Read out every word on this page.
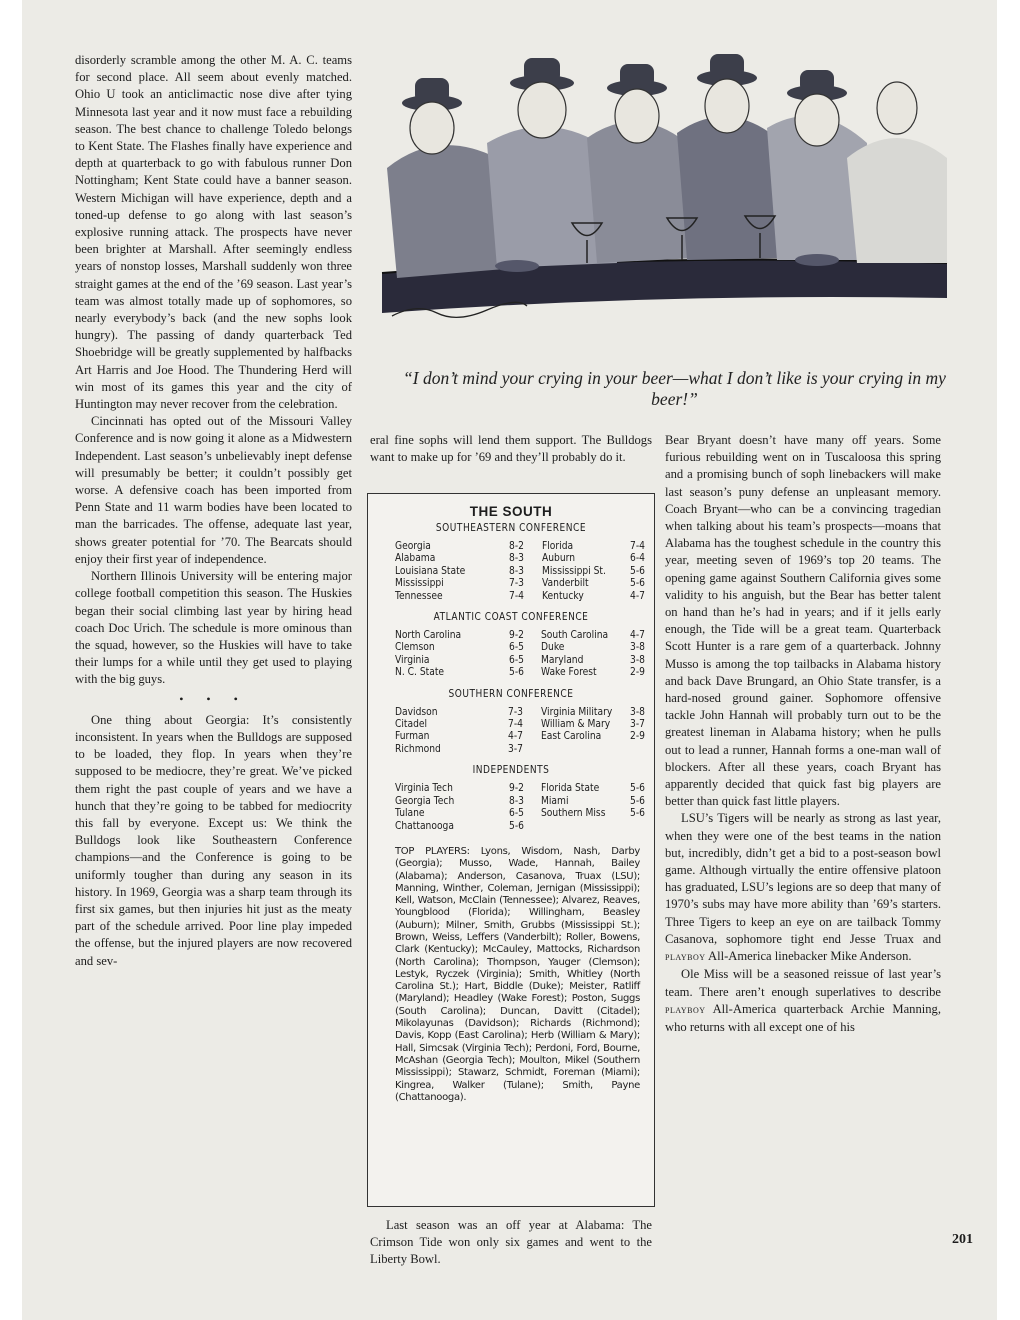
disorderly scramble among the other M. A. C. teams for second place. All seem about evenly matched. Ohio U took an anticlimactic nose dive after tying Minnesota last year and it now must face a rebuilding season. The best chance to challenge Toledo belongs to Kent State. The Flashes finally have experience and depth at quarterback to go with fabulous runner Don Nottingham; Kent State could have a banner season. Western Michigan will have experience, depth and a toned-up defense to go along with last season’s explosive running attack. The prospects have never been brighter at Marshall. After seemingly endless years of nonstop losses, Marshall suddenly won three straight games at the end of the ’69 season. Last year’s team was almost totally made up of sophomores, so nearly everybody’s back (and the new sophs look hungry). The passing of dandy quarterback Ted Shoebridge will be greatly supplemented by halfbacks Art Harris and Joe Hood. The Thundering Herd will win most of its games this year and the city of Huntington may never recover from the celebration.

Cincinnati has opted out of the Missouri Valley Conference and is now going it alone as a Midwestern Independent. Last season’s unbelievably inept defense will presumably be better; it couldn’t possibly get worse. A defensive coach has been imported from Penn State and 11 warm bodies have been located to man the barricades. The offense, adequate last year, shows greater potential for ’70. The Bearcats should enjoy their first year of independence.

Northern Illinois University will be entering major college football competition this season. The Huskies began their social climbing last year by hiring head coach Doc Urich. The schedule is more ominous than the squad, however, so the Huskies will have to take their lumps for a while until they get used to playing with the big guys.

• • •

One thing about Georgia: It’s consistently inconsistent. In years when the Bulldogs are supposed to be loaded, they flop. In years when they’re supposed to be mediocre, they’re great. We’ve picked them right the past couple of years and we have a hunch that they’re going to be tabbed for mediocrity this fall by everyone. Except us: We think the Bulldogs look like Southeastern Conference champions—and the Conference is going to be uniformly tougher than during any season in its history. In 1969, Georgia was a sharp team through its first six games, but then injuries hit just as the meaty part of the schedule arrived. Poor line play impeded the offense, but the injured players are now recovered and sev-

“I don’t mind your crying in your beer—what I don’t like is your crying in my beer!”

eral fine sophs will lend them support. The Bulldogs want to make up for ’69 and they’ll probably do it.

THE SOUTH
SOUTHEASTERN CONFERENCE
Georgia	8-2	Florida	7-4
Alabama	8-3	Auburn	6-4
Louisiana State	8-3	Mississippi St.	5-6
Mississippi	7-3	Vanderbilt	5-6
Tennessee	7-4	Kentucky	4-7
ATLANTIC COAST CONFERENCE
North Carolina	9-2	South Carolina	4-7
Clemson	6-5	Duke	3-8
Virginia	6-5	Maryland	3-8
N. C. State	5-6	Wake Forest	2-9
SOUTHERN CONFERENCE
Davidson	7-3	Virginia Military	3-8
Citadel	7-4	William & Mary	3-7
Furman	4-7	East Carolina	2-9
Richmond	3-7		
INDEPENDENTS
Virginia Tech	9-2	Florida State	5-6
Georgia Tech	8-3	Miami	5-6
Tulane	6-5	Southern Miss	5-6
Chattanooga	5-6		
TOP PLAYERS: Lyons, Wisdom, Nash, Darby (Georgia); Musso, Wade, Hannah, Bailey (Alabama); Anderson, Casanova, Truax (LSU); Manning, Winther, Coleman, Jernigan (Mississippi); Kell, Watson, McClain (Tennessee); Alvarez, Reaves, Youngblood (Florida); Willingham, Beasley (Auburn); Milner, Smith, Grubbs (Mississippi St.); Brown, Weiss, Leffers (Vanderbilt); Roller, Bowens, Clark (Kentucky); McCauley, Mattocks, Richardson (North Carolina); Thompson, Yauger (Clemson); Lestyk, Ryczek (Virginia); Smith, Whitley (North Carolina St.); Hart, Biddle (Duke); Meister, Ratliff (Maryland); Headley (Wake Forest); Poston, Suggs (South Carolina); Duncan, Davitt (Citadel); Mikolayunas (Davidson); Richards (Richmond); Davis, Kopp (East Carolina); Herb (William & Mary); Hall, Simcsak (Virginia Tech); Perdoni, Ford, Bourne, McAshan (Georgia Tech); Moulton, Mikel (Southern Mississippi); Stawarz, Schmidt, Foreman (Miami); Kingrea, Walker (Tulane); Smith, Payne (Chattanooga).

Last season was an off year at Alabama: The Crimson Tide won only six games and went to the Liberty Bowl.

Bear Bryant doesn’t have many off years. Some furious rebuilding went on in Tuscaloosa this spring and a promising bunch of soph linebackers will make last season’s puny defense an unpleasant memory. Coach Bryant—who can be a convincing tragedian when talking about his team’s prospects—moans that Alabama has the toughest schedule in the country this year, meeting seven of 1969’s top 20 teams. The opening game against Southern California gives some validity to his anguish, but the Bear has better talent on hand than he’s had in years; and if it jells early enough, the Tide will be a great team. Quarterback Scott Hunter is a rare gem of a quarterback. Johnny Musso is among the top tailbacks in Alabama history and back Dave Brungard, an Ohio State transfer, is a hard-nosed ground gainer. Sophomore offensive tackle John Hannah will probably turn out to be the greatest lineman in Alabama history; when he pulls out to lead a runner, Hannah forms a one-man wall of blockers. After all these years, coach Bryant has apparently decided that quick fast big players are better than quick fast little players.

LSU’s Tigers will be nearly as strong as last year, when they were one of the best teams in the nation but, incredibly, didn’t get a bid to a post-season bowl game. Although virtually the entire offensive platoon has graduated, LSU’s legions are so deep that many of 1970’s subs may have more ability than ’69’s starters. Three Tigers to keep an eye on are tailback Tommy Casanova, sophomore tight end Jesse Truax and playboy All-America linebacker Mike Anderson.

Ole Miss will be a seasoned reissue of last year’s team. There aren’t enough superlatives to describe playboy All-America quarterback Archie Manning, who returns with all except one of his

201
